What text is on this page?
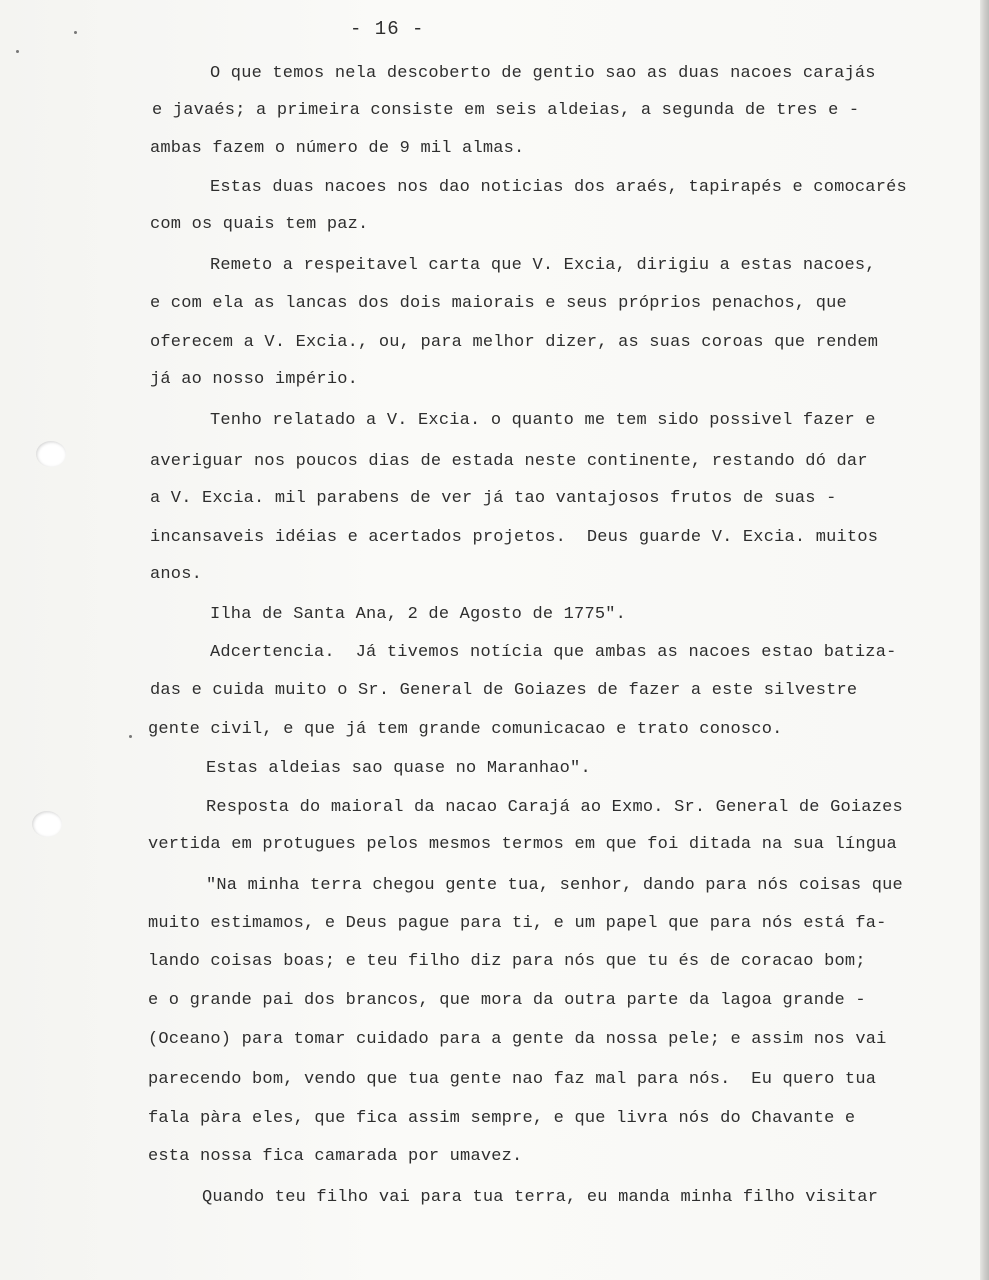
- 16 -
O que temos nela descoberto de gentio sao as duas nacoes carajás
e javaés; a primeira consiste em seis aldeias, a segunda de tres e -
ambas fazem o número de 9 mil almas.
Estas duas nacoes nos dao noticias dos araés, tapirapés e comocarés
com os quais tem paz.
Remeto a respeitavel carta que V. Excia, dirigiu a estas nacoes,
e com ela as lancas dos dois maiorais e seus próprios penachos, que
oferecem a V. Excia., ou, para melhor dizer, as suas coroas que rendem
já ao nosso império.
Tenho relatado a V. Excia. o quanto me tem sido possivel fazer e
averiguar nos poucos dias de estada neste continente, restando dó dar
a V. Excia. mil parabens de ver já tao vantajosos frutos de suas -
incansaveis idéias e acertados projetos.  Deus guarde V. Excia. muitos
anos.
Ilha de Santa Ana, 2 de Agosto de 1775".
Adcertencia.  Já tivemos notícia que ambas as nacoes estao batiza-
das e cuida muito o Sr. General de Goiazes de fazer a este silvestre
gente civil, e que já tem grande comunicacao e trato conosco.
Estas aldeias sao quase no Maranhao".
Resposta do maioral da nacao Carajá ao Exmo. Sr. General de Goiazes
vertida em protugues pelos mesmos termos em que foi ditada na sua língua
"Na minha terra chegou gente tua, senhor, dando para nós coisas que
muito estimamos, e Deus pague para ti, e um papel que para nós está fa-
lando coisas boas; e teu filho diz para nós que tu és de coracao bom;
e o grande pai dos brancos, que mora da outra parte da lagoa grande -
(Oceano) para tomar cuidado para a gente da nossa pele; e assim nos vai
parecendo bom, vendo que tua gente nao faz mal para nós.  Eu quero tua
fala pàra eles, que fica assim sempre, e que livra nós do Chavante e
esta nossa fica camarada por umavez.
Quando teu filho vai para tua terra, eu manda minha filho visitar
